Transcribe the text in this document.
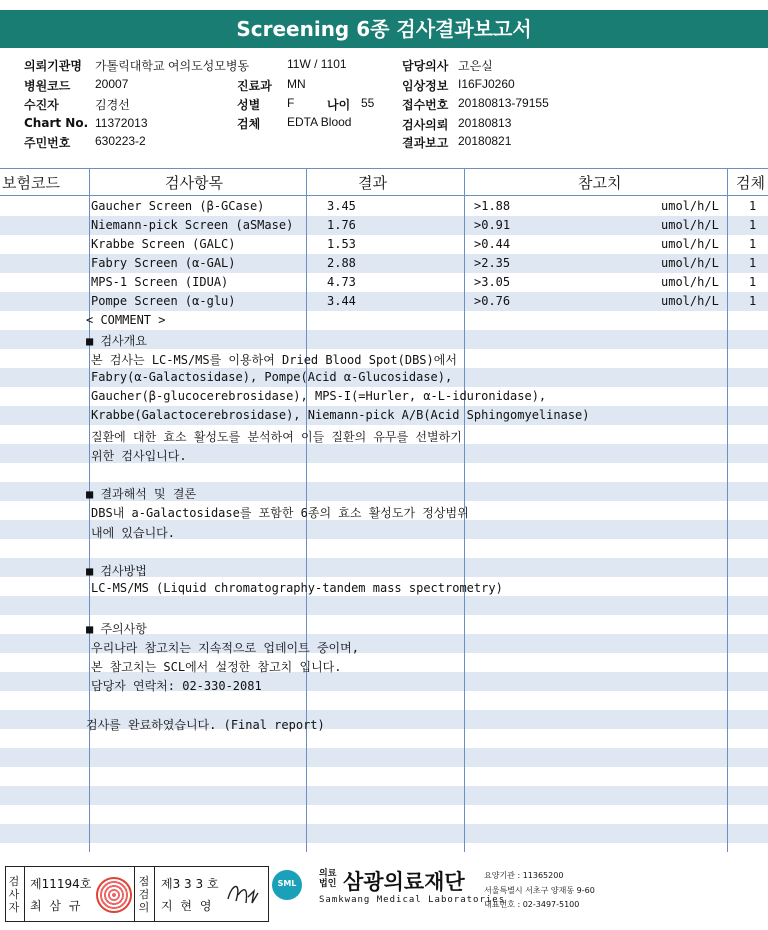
Screening 6종 검사결과보고서
의뢰기관명 가톨릭대학교 여의도성모병동	11W / 1101	담당의사 고은실
병원코드 20007	진료과 MN	임상정보 I16FJ0260
수진자	김경선	성별 F	나이 55 접수번호 20180813-79155
Chart No. 11372013	검체 EDTA Blood	검사의뢰 20180813
주민번호 630223-2	결과보고 20180821
보험코드	검사항목	결과	참고치	검체
Gaucher Screen (β-GCase)	3.45	>1.88	umol/h/L	1
Niemann-pick Screen (aSMase)	1.76	>0.91	umol/h/L	1
Krabbe Screen (GALC)	1.53	>0.44	umol/h/L	1
Fabry Screen (α-GAL)	2.88	>2.35	umol/h/L	1
MPS-1 Screen (IDUA)	4.73	>3.05	umol/h/L	1
Pompe Screen (α-glu)	3.44	>0.76	umol/h/L	1
< COMMENT >
■ 검사개요
본 검사는 LC-MS/MS를 이용하여 Dried Blood Spot(DBS)에서
Fabry(α-Galactosidase), Pompe(Acid α-Glucosidase),
Gaucher(β-glucocerebrosidase), MPS-I(=Hurler, α-L-iduronidase),
Krabbe(Galactocerebrosidase), Niemann-pick A/B(Acid Sphingomyelinase)
질환에 대한 효소 활성도를 분석하여 이들 질환의 유무를 선별하기
위한 검사입니다.
■ 결과해석 및 결론
DBS내 a-Galactosidase를 포함한 6종의 효소 활성도가 정상범위
내에 있습니다.
■ 검사방법
LC-MS/MS (Liquid chromatography-tandem mass spectrometry)
■ 주의사항
우리나라 참고치는 지속적으로 업데이트 중이며,
본 참고치는 SCL에서 설정한 참고치 입니다.
담당자 연락처: 02-330-2081
검사를 완료하였습니다. (Final report)
검사자
제11194호
최 삼 규
점검의
제3 3 3 호
지 현 영
SML
의료법인 삼광의료재단
Samkwang Medical Laboratories
요양기관 : 11365200
서울특별시 서초구 양재동 9-60
대표번호 : 02-3497-5100
